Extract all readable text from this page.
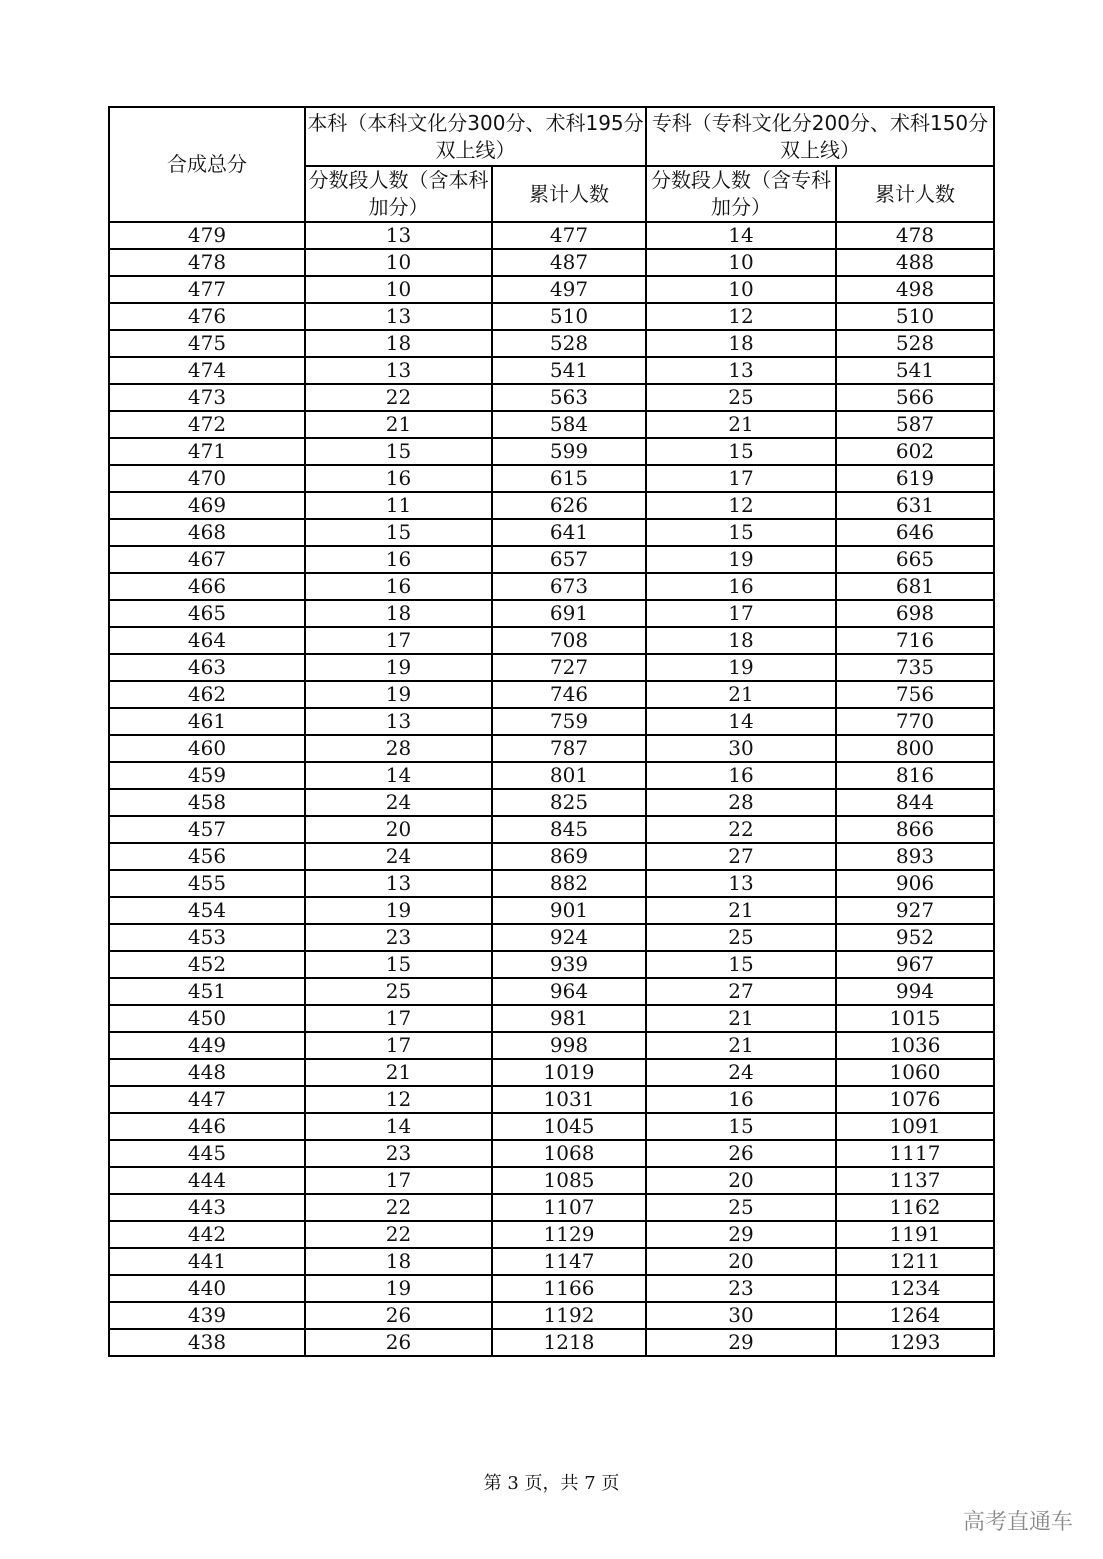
合成总分	本科（本科文化分300分、术科195分双上线）		专科（专科文化分200分、术科150分双上线）	
	分数段人数（含本科加分）	累计人数	分数段人数（含专科加分）	累计人数
479	13	477	14	478
478	10	487	10	488
477	10	497	10	498
476	13	510	12	510
475	18	528	18	528
474	13	541	13	541
473	22	563	25	566
472	21	584	21	587
471	15	599	15	602
470	16	615	17	619
469	11	626	12	631
468	15	641	15	646
467	16	657	19	665
466	16	673	16	681
465	18	691	17	698
464	17	708	18	716
463	19	727	19	735
462	19	746	21	756
461	13	759	14	770
460	28	787	30	800
459	14	801	16	816
458	24	825	28	844
457	20	845	22	866
456	24	869	27	893
455	13	882	13	906
454	19	901	21	927
453	23	924	25	952
452	15	939	15	967
451	25	964	27	994
450	17	981	21	1015
449	17	998	21	1036
448	21	1019	24	1060
447	12	1031	16	1076
446	14	1045	15	1091
445	23	1068	26	1117
444	17	1085	20	1137
443	22	1107	25	1162
442	22	1129	29	1191
441	18	1147	20	1211
440	19	1166	23	1234
439	26	1192	30	1264
438	26	1218	29	1293
第 3 页，共 7 页
高考直通车
